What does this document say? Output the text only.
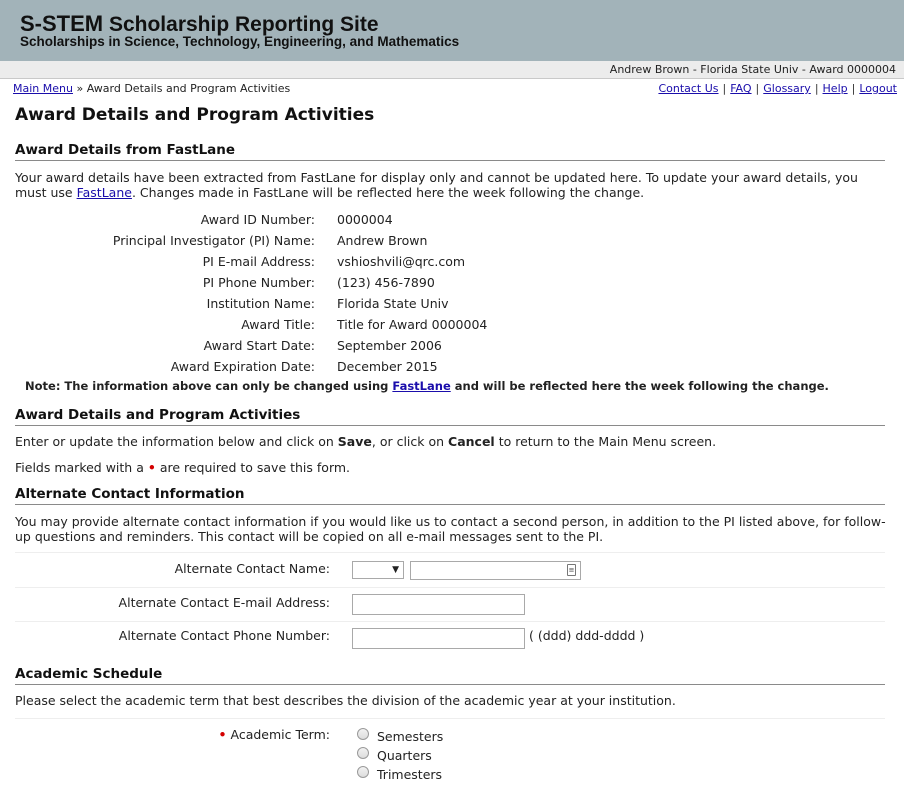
S-STEM Scholarship Reporting Site
Scholarships in Science, Technology, Engineering, and Mathematics
Andrew Brown - Florida State Univ - Award 0000004
Main Menu » Award Details and Program Activities	Contact Us | FAQ | Glossary | Help | Logout
Award Details and Program Activities
Award Details from FastLane
Your award details have been extracted from FastLane for display only and cannot be updated here. To update your award details, you must use FastLane. Changes made in FastLane will be reflected here the week following the change.
Award ID Number: 0000004
Principal Investigator (PI) Name: Andrew Brown
PI E-mail Address: vshioshvili@qrc.com
PI Phone Number: (123) 456-7890
Institution Name: Florida State Univ
Award Title: Title for Award 0000004
Award Start Date: September 2006
Award Expiration Date: December 2015
Note: The information above can only be changed using FastLane and will be reflected here the week following the change.
Award Details and Program Activities
Enter or update the information below and click on Save, or click on Cancel to return to the Main Menu screen.
Fields marked with a • are required to save this form.
Alternate Contact Information
You may provide alternate contact information if you would like us to contact a second person, in addition to the PI listed above, for follow-up questions and reminders. This contact will be copied on all e-mail messages sent to the PI.
Alternate Contact Name:	▼	≡
Alternate Contact E-mail Address:
Alternate Contact Phone Number:	( (ddd) ddd-dddd )
Academic Schedule
Please select the academic term that best describes the division of the academic year at your institution.
• Academic Term:	Semesters
Quarters
Trimesters
